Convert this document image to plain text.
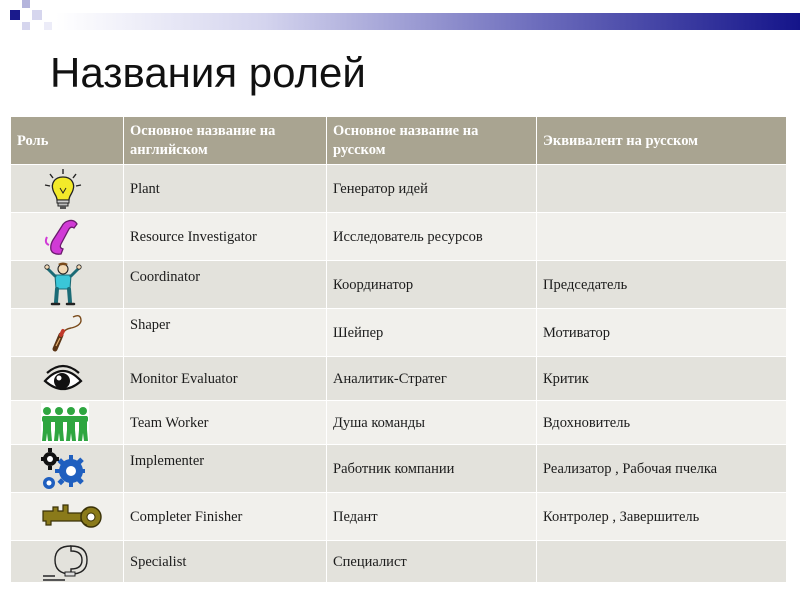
Названия ролей
Роль	Основное название на английском	Основное название на русском	Эквивалент на русском

	Plant	Генератор идей	

	Resource Investigator	Исследователь ресурсов	

	Coordinator	Координатор	Председатель

	Shaper	Шейпер	Мотиватор

	Monitor Evaluator	Аналитик-Стратег	Критик

	Team Worker	Душа команды	Вдохновитель

	Implementer	Работник компании	Реализатор , Рабочая пчелка

	Completer Finisher	Педант	Контролер , Завершитель

	Specialist	Специалист	
